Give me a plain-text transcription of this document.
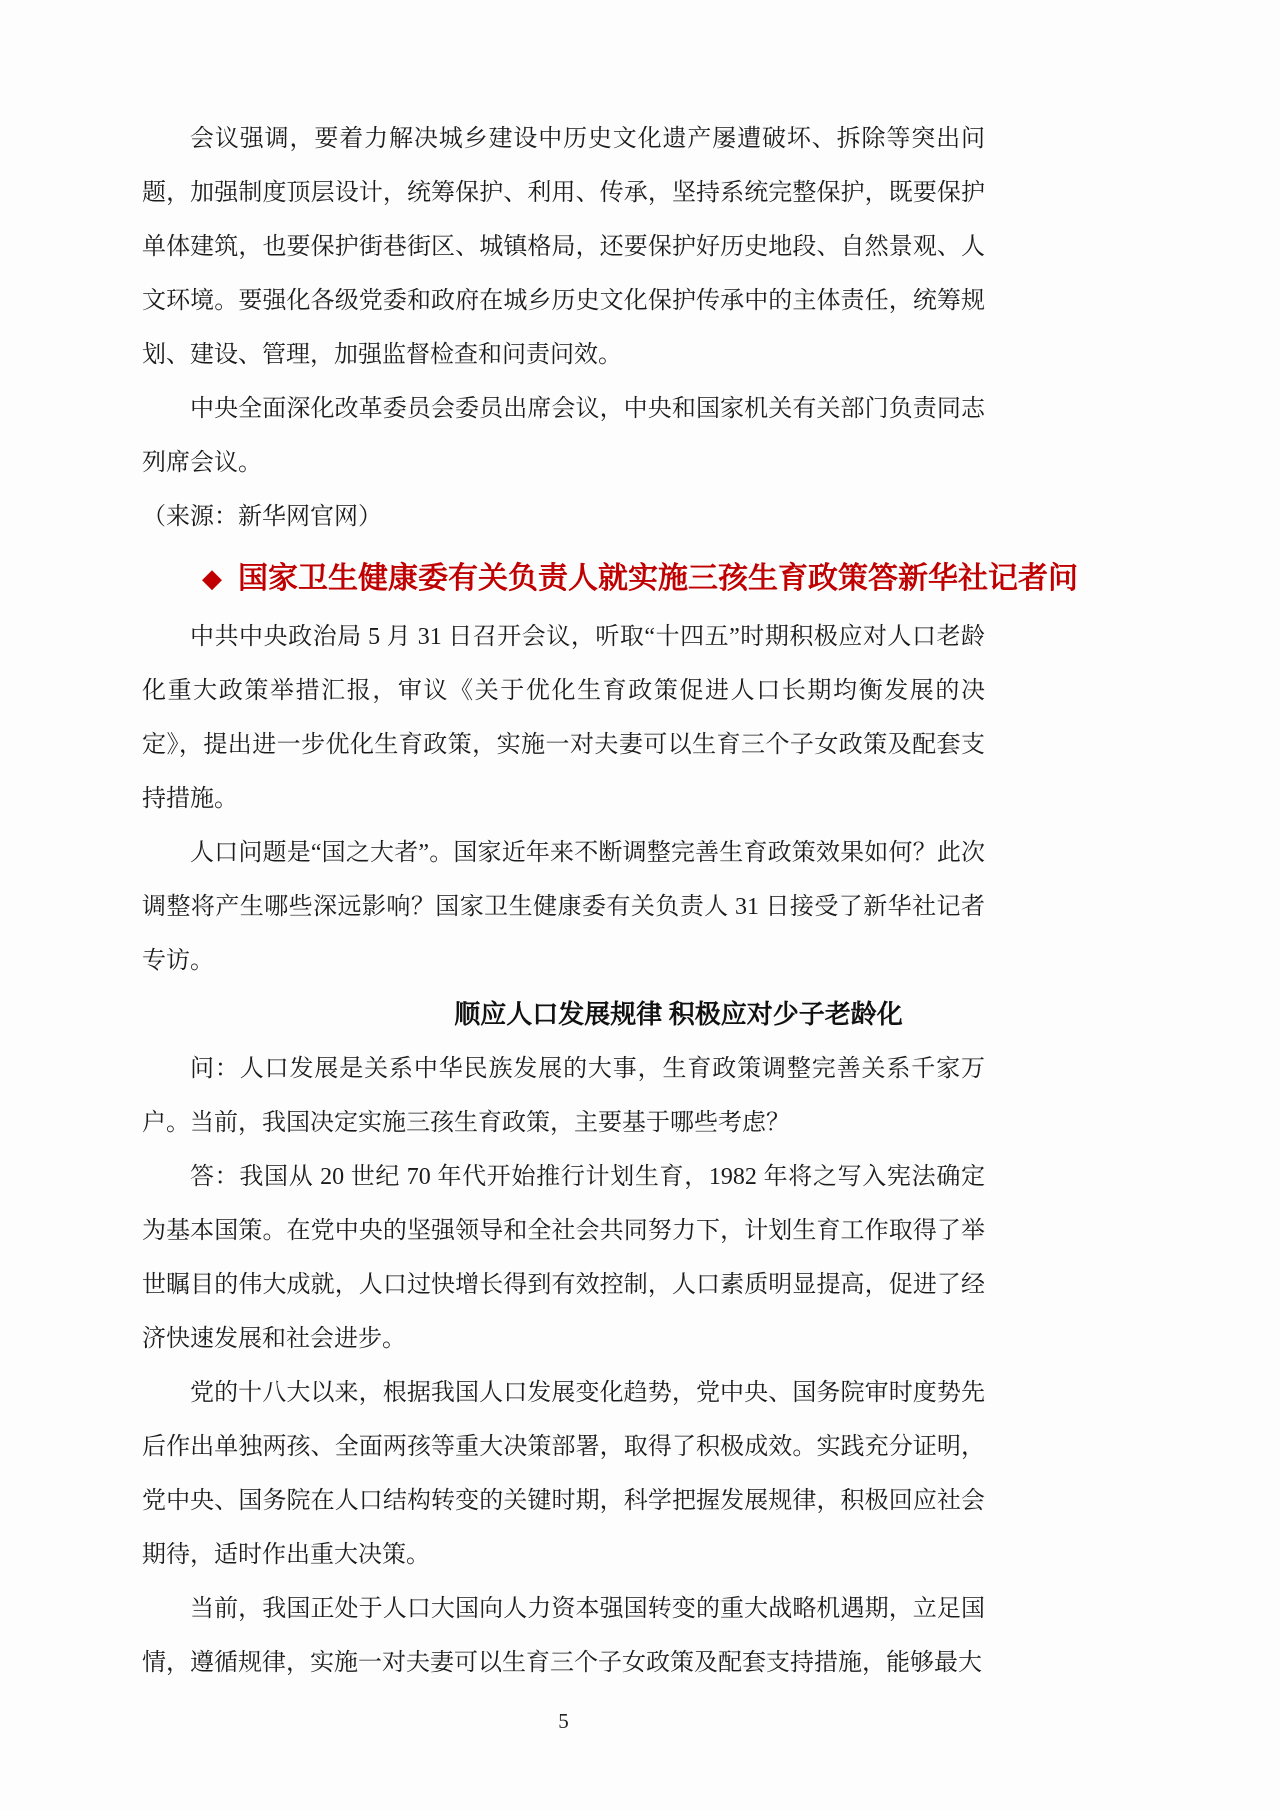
会议强调，要着力解决城乡建设中历史文化遗产屡遭破坏、拆除等突出问题，加强制度顶层设计，统筹保护、利用、传承，坚持系统完整保护，既要保护单体建筑，也要保护街巷街区、城镇格局，还要保护好历史地段、自然景观、人文环境。要强化各级党委和政府在城乡历史文化保护传承中的主体责任，统筹规划、建设、管理，加强监督检查和问责问效。

中央全面深化改革委员会委员出席会议，中央和国家机关有关部门负责同志列席会议。

（来源：新华网官网）

◆ 国家卫生健康委有关负责人就实施三孩生育政策答新华社记者问

中共中央政治局 5 月 31 日召开会议，听取“十四五”时期积极应对人口老龄化重大政策举措汇报，审议《关于优化生育政策促进人口长期均衡发展的决定》，提出进一步优化生育政策，实施一对夫妻可以生育三个子女政策及配套支持措施。

人口问题是“国之大者”。国家近年来不断调整完善生育政策效果如何？此次调整将产生哪些深远影响？国家卫生健康委有关负责人 31 日接受了新华社记者专访。

顺应人口发展规律 积极应对少子老龄化

问：人口发展是关系中华民族发展的大事，生育政策调整完善关系千家万户。当前，我国决定实施三孩生育政策，主要基于哪些考虑？

答：我国从 20 世纪 70 年代开始推行计划生育，1982 年将之写入宪法确定为基本国策。在党中央的坚强领导和全社会共同努力下，计划生育工作取得了举世瞩目的伟大成就，人口过快增长得到有效控制，人口素质明显提高，促进了经济快速发展和社会进步。

党的十八大以来，根据我国人口发展变化趋势，党中央、国务院审时度势先后作出单独两孩、全面两孩等重大决策部署，取得了积极成效。实践充分证明，党中央、国务院在人口结构转变的关键时期，科学把握发展规律，积极回应社会期待，适时作出重大决策。

当前，我国正处于人口大国向人力资本强国转变的重大战略机遇期，立足国情，遵循规律，实施一对夫妻可以生育三个子女政策及配套支持措施，能够最大

5
